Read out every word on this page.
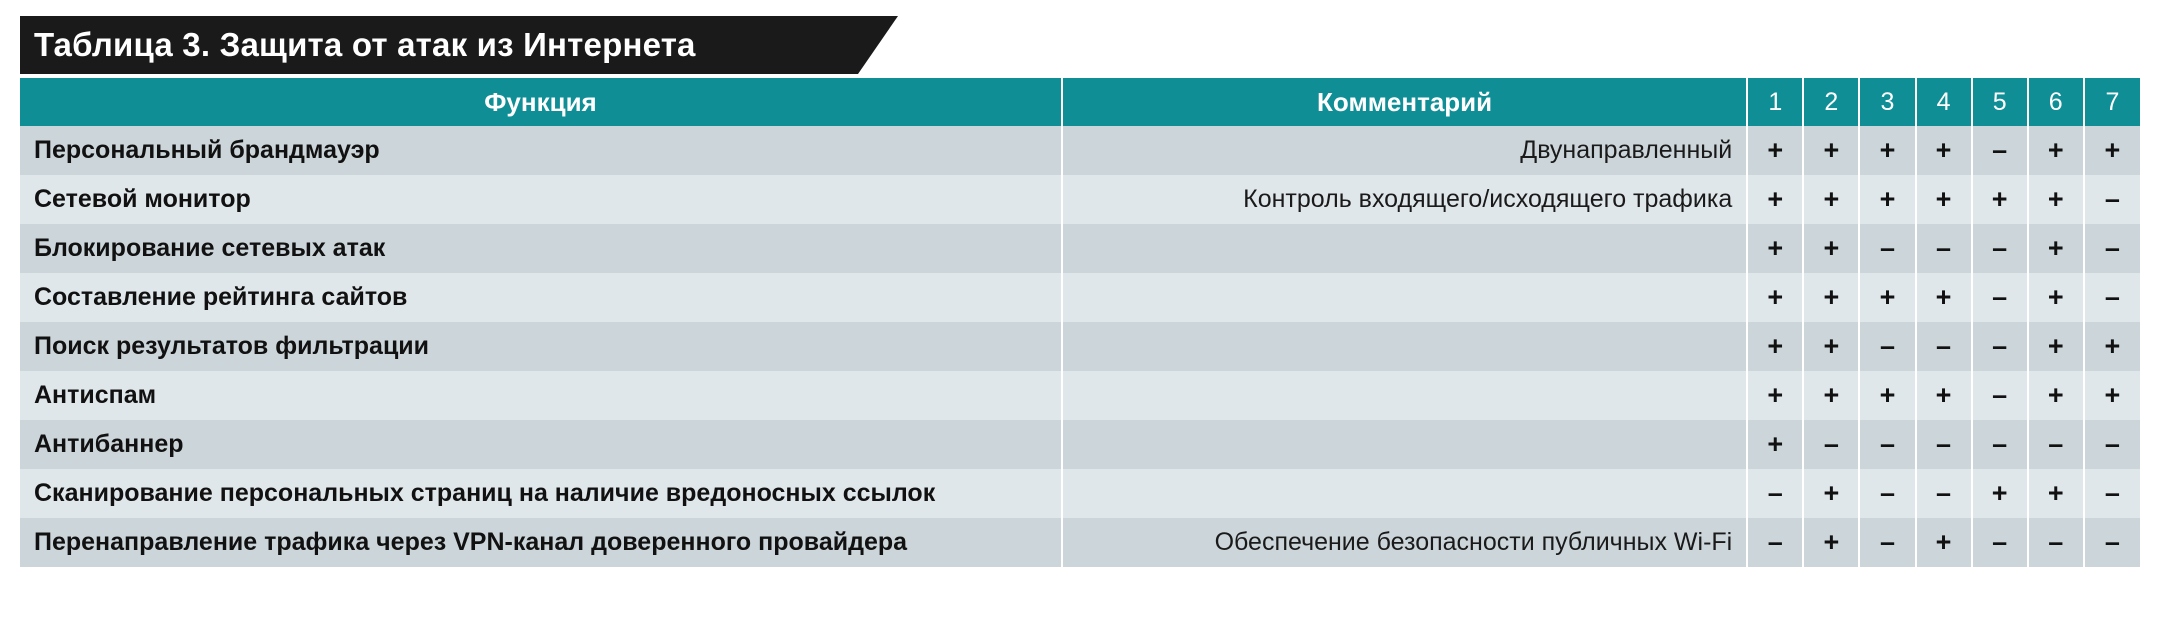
Таблица 3. Защита от атак из Интернета
Функция	Комментарий	1	2	3	4	5	6	7
Персональный брандмауэр	Двунаправленный	+	+	+	+	–	+	+
Сетевой монитор	Контроль входящего/исходящего трафика	+	+	+	+	+	+	–
Блокирование сетевых атак		+	+	–	–	–	+	–
Составление рейтинга сайтов		+	+	+	+	–	+	–
Поиск результатов фильтрации		+	+	–	–	–	+	+
Антиспам		+	+	+	+	–	+	+
Антибаннер		+	–	–	–	–	–	–
Сканирование персональных страниц на наличие вредоносных ссылок		–	+	–	–	+	+	–
Перенаправление трафика через VPN-канал доверенного провайдера	Обеспечение безопасности публичных Wi-Fi	–	+	–	+	–	–	–
